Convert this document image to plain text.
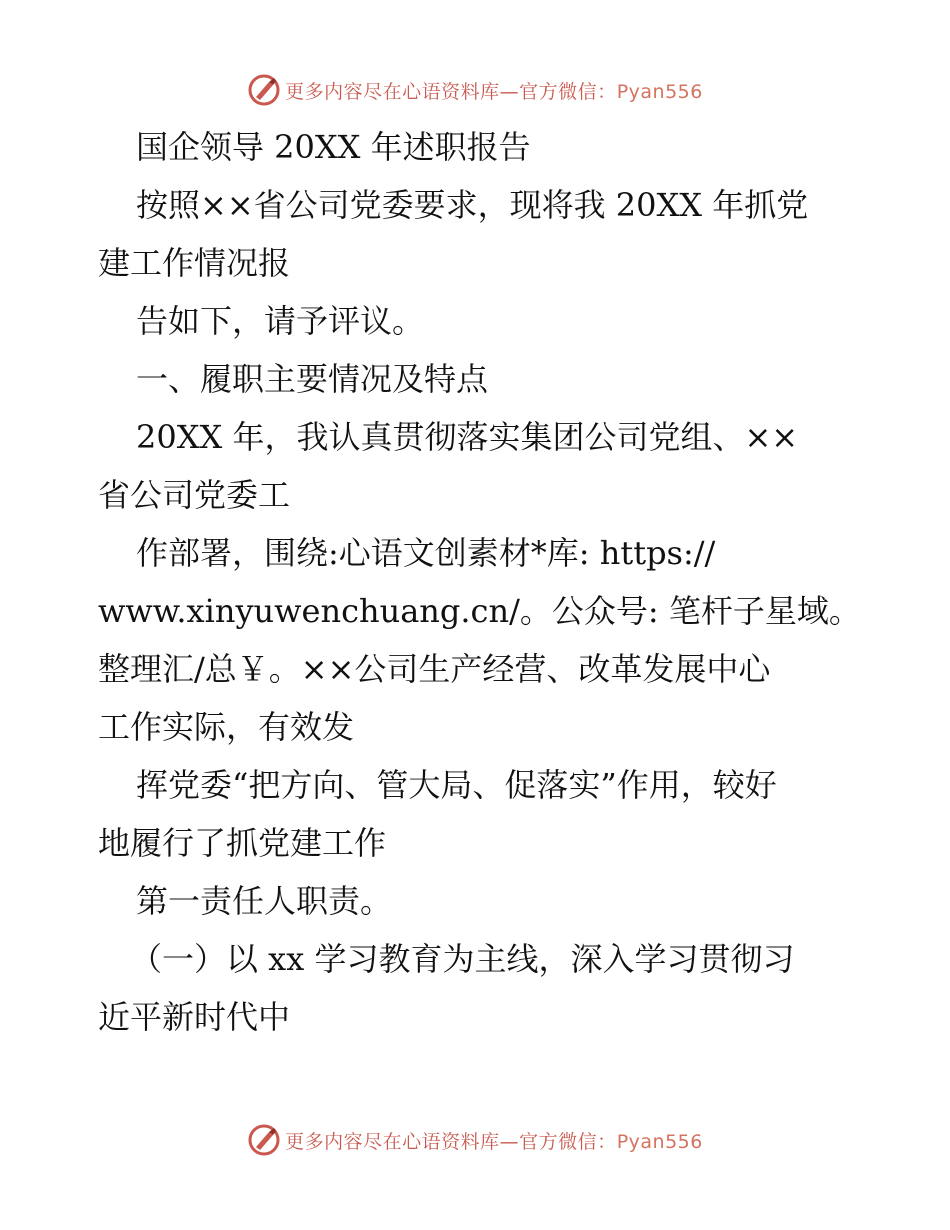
更多内容尽在心语资料库—官方微信：Pyan556

国企领导 20XX 年述职报告

按照××省公司党委要求，现将我 20XX 年抓党

建工作情况报

告如下，请予评议。

一、履职主要情况及特点

20XX 年，我认真贯彻落实集团公司党组、××

省公司党委工

作部署，围绕:心语文创素材*库: https://

www.xinyuwenchuang.cn/。公众号: 笔杆子星域。

整理汇/总￥。××公司生产经营、改革发展中心

工作实际，有效发

挥党委“把方向、管大局、促落实”作用，较好

地履行了抓党建工作

第一责任人职责。

（一）以 xx 学习教育为主线，深入学习贯彻习

近平新时代中

更多内容尽在心语资料库—官方微信：Pyan556
